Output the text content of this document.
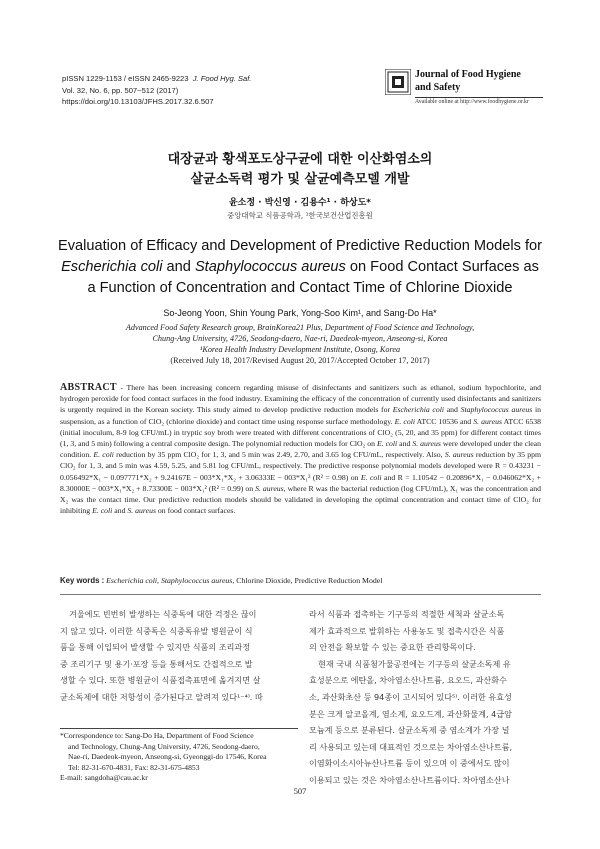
pISSN 1229-1153 / eISSN 2465-9223 J. Food Hyg. Saf.
Vol. 32, No. 6, pp. 507~512 (2017)
https://doi.org/10.13103/JFHS.2017.32.6.507
Journal of Food Hygiene
and Safety
Available online at http://www.foodhygiene.or.kr
대장균과 황색포도상구균에 대한 이산화염소의
살균소독력 평가 및 살균예측모델 개발
윤소정 · 박신영 · 김용수¹ · 하상도*
중앙대학교 식품공학과, ¹한국보건산업진흥원
Evaluation of Efficacy and Development of Predictive Reduction Models for
Escherichia coli and Staphylococcus aureus on Food Contact Surfaces as
a Function of Concentration and Contact Time of Chlorine Dioxide
So-Jeong Yoon, Shin Young Park, Yong-Soo Kim¹, and Sang-Do Ha*
Advanced Food Safety Research group, BrainKorea21 Plus, Department of Food Science and Technology,
Chung-Ang University, 4726, Seodong-daero, Nae-ri, Daedeok-myeon, Anseong-si, Korea
¹Korea Health Industry Development Institute, Osong, Korea
(Received July 18, 2017/Revised August 20, 2017/Accepted October 17, 2017)
ABSTRACT - There has been increasing concern regarding misuse of disinfectants and sanitizers such as ethanol, sodium hypochlorite, and hydrogen peroxide for food contact surfaces in the food industry. Examining the efficacy of the concentration of currently used disinfectants and sanitizers is urgently required in the Korean society. This study aimed to develop predictive reduction models for Escherichia coli and Staphylococcus aureus in suspension, as a function of ClO₂ (chlorine dioxide) and contact time using response surface methodology. E. coli ATCC 10536 and S. aureus ATCC 6538 (initial inoculum, 8-9 log CFU/mL) in tryptic soy broth were treated with different concentrations of ClO₂ (5, 20, and 35 ppm) for different contact times (1, 3, and 5 min) following a central composite design. The polynomial reduction models for ClO₂ on E. coli and S. aureus were developed under the clean condition. E. coli reduction by 35 ppm ClO₂ for 1, 3, and 5 min was 2.49, 2.70, and 3.65 log CFU/mL, respectively. Also, S. aureus reduction by 35 ppm ClO₂ for 1, 3, and 5 min was 4.59, 5.25, and 5.81 log CFU/mL, respectively. The predictive response polynomial models developed were R = 0.43231 − 0.056492*X₁ − 0.097771*X₂ + 9.24167E − 003*X₁*X₂ + 3.06333E − 003*X₁² (R² = 0.98) on E. coli and R = 1.10542 − 0.20896*X₁ − 0.046062*X₂ + 8.30000E − 003*X₁*X₂ + 8.73300E − 003*X₁² (R² = 0.99) on S. aureus, where R was the bacterial reduction (log CFU/mL), X₁ was the concentration and X₂ was the contact time. Our predictive reduction models should be validated in developing the optimal concentration and contact time of ClO₂ for inhibiting E. coli and S. aureus on food contact surfaces.
Key words : Escherichia coli, Staphylococcus aureus, Chlorine Dioxide, Predictive Reduction Model
겨울에도 빈번히 발생하는 식중독에 대한 걱정은 끊이
지 않고 있다. 이러한 식중독은 식중독유발 병원균이 식
품을 통해 이입되어 발생할 수 있지만 식품의 조리과정
중 조리기구 및 용기·포장 등을 통해서도 간접적으로 발
생할 수 있다. 또한 병원균이 식품접촉표면에 옮겨지면 살
균소독제에 대한 저항성이 증가된다고 알려져 있다¹⁻⁴⁾. 따
라서 식품과 접촉하는 기구등의 적절한 세척과 살균소독
제가 효과적으로 발휘하는 사용농도 및 접촉시간은 식품
의 안전을 확보할 수 있는 중요한 관리항목이다.
현재 국내 식품첨가물공전에는 기구등의 살균소독제 유
효성분으로 에탄올, 차아염소산나트륨, 요오드, 과산화수
소, 과산화초산 등 94종이 고시되어 있다⁵⁾. 이러한 유효성
분은 크게 알코올계, 염소계, 요오드계, 과산화물계, 4급암
모늄계 등으로 분류된다. 살균소독제 중 염소계가 가장 널
리 사용되고 있는데 대표적인 것으로는 차아염소산나트륨,
이염화이소시아뉴산나트륨 등이 있으며 이 중에서도 많이
이용되고 있는 것은 차아염소산나트륨이다. 차아염소산나
*Correspondence to: Sang-Do Ha, Department of Food Science
and Technology, Chung-Ang University, 4726, Seodong-daero,
Nae-ri, Daedeok-myeon, Anseong-si, Gyeonggi-do 17546, Korea
Tel: 82-31-670-4831, Fax: 82-31-675-4853
E-mail: sangdoha@cau.ac.kr
507
